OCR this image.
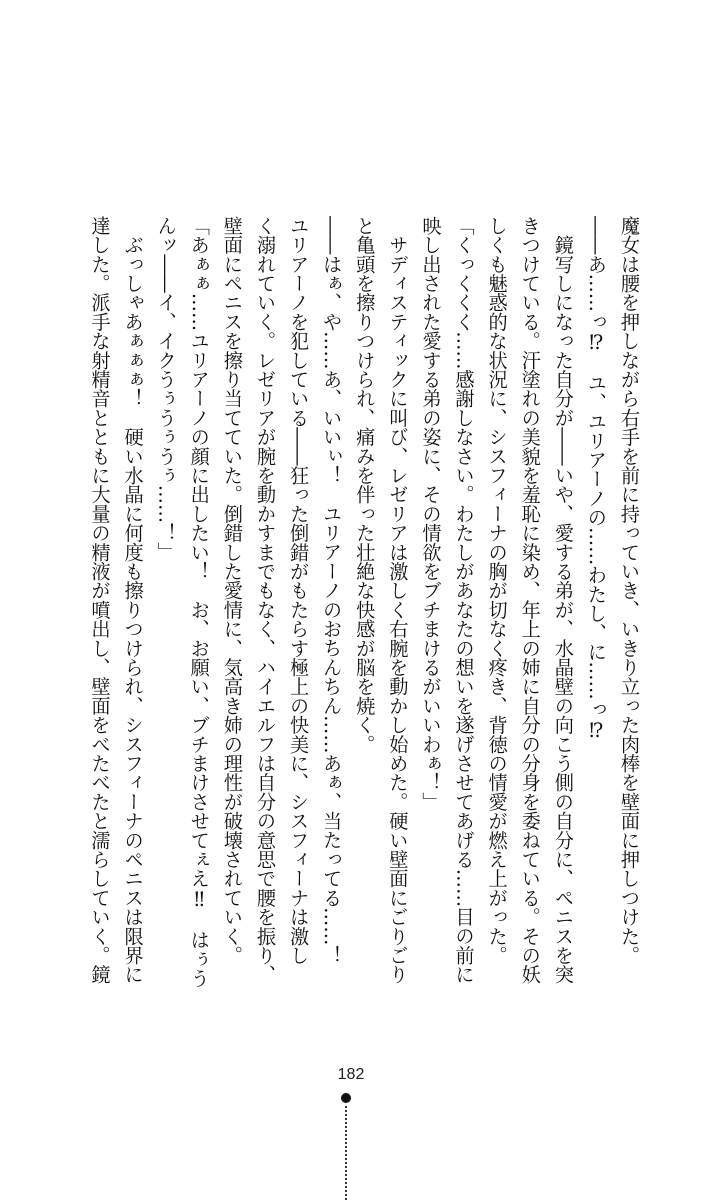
魔女は腰を押しながら右手を前に持っていき、いきり立った肉棒を壁面に押しつけた。
――あ……っ⁉　ユ、ユリアーノの……わたし、に……っ⁉
　鏡写しになった自分が――いや、愛する弟が、水晶壁の向こう側の自分に、ペニスを突
きつけている。汗塗れの美貌を羞恥に染め、年上の姉に自分の分身を委ねている。その妖
しくも魅惑的な状況に、シスフィーナの胸が切なく疼き、背徳の情愛が燃え上がった。
「くっくくく……感謝しなさい。わたしがあなたの想いを遂げさせてあげる……目の前に
映し出された愛する弟の姿に、その情欲をブチまけるがいいわぁ！」
　サディスティックに叫び、レゼリアは激しく右腕を動かし始めた。硬い壁面にごりごり
と亀頭を擦りつけられ、痛みを伴った壮絶な快感が脳を焼く。
――はぁ、や……あ、いいぃ！　ユリアーノのおちんちん……あぁ、当たってる……！
ユリアーノを犯している――狂った倒錯がもたらす極上の快美に、シスフィーナは激し
く溺れていく。レゼリアが腕を動かすまでもなく、ハイエルフは自分の意思で腰を振り、
壁面にペニスを擦り当てていた。倒錯した愛情に、気高き姉の理性が破壊されていく。
「あぁぁ……ユリアーノの顔に出したい！　お、お願い、ブチまけさせてぇえ‼　はぅう
んッ――イ、イクうぅうぅうぅ……！」
　ぶっしゃあぁぁぁ！　硬い水晶に何度も擦りつけられ、シスフィーナのペニスは限界に
達した。派手な射精音とともに大量の精液が噴出し、壁面をべたべたと濡らしていく。鏡
182
